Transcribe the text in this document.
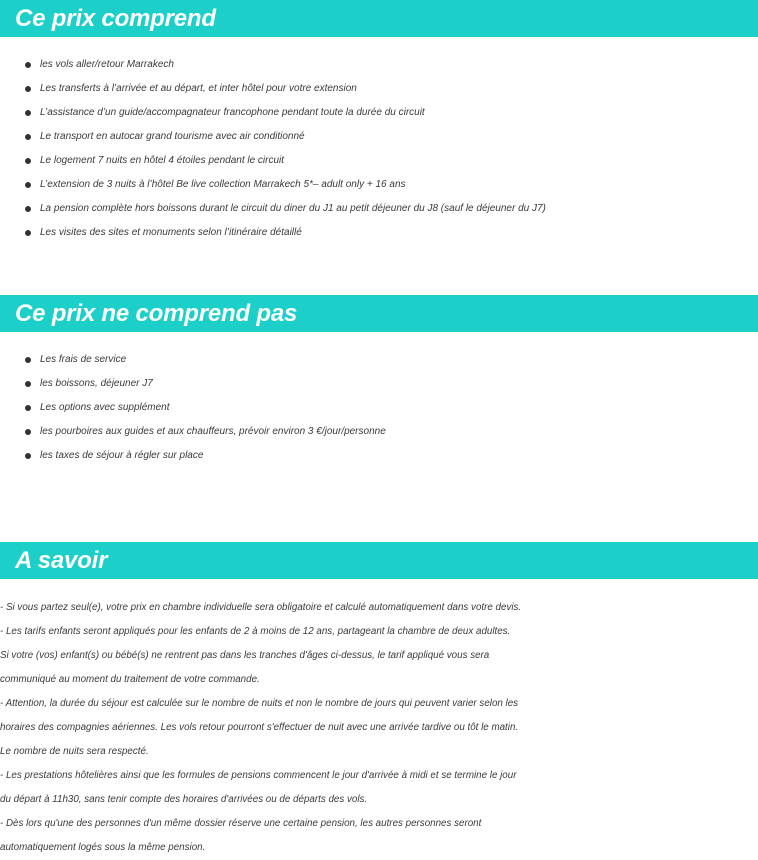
Ce prix comprend
les vols aller/retour Marrakech
Les transferts à l’arrivée et au départ, et inter hôtel pour votre extension
L’assistance d’un guide/accompagnateur francophone pendant toute la durée du circuit
Le transport en autocar grand tourisme avec air conditionné
Le logement 7 nuits en hôtel 4 étoiles pendant le circuit
L’extension de 3 nuits à l’hôtel Be live collection Marrakech 5*– adult only + 16 ans
La pension complète hors boissons durant le circuit du diner du J1 au petit déjeuner du J8 (sauf le déjeuner du J7)
Les visites des sites et monuments selon l’itinéraire détaillé
Ce prix ne comprend pas
Les frais de service
les boissons, déjeuner J7
Les options avec supplément
les pourboires aux guides et aux chauffeurs, prévoir environ 3 €/jour/personne
les taxes de séjour à régler sur place
A savoir

- Si vous partez seul(e), votre prix en chambre individuelle sera obligatoire et calculé automatiquement dans votre devis.

- Les tarifs enfants seront appliqués pour les enfants de 2 à moins de 12 ans, partageant la chambre de deux adultes.

Si votre (vos) enfant(s) ou bébé(s) ne rentrent pas dans les tranches d'âges ci-dessus, le tarif appliqué vous sera

communiqué au moment du traitement de votre commande.

- Attention, la durée du séjour est calculée sur le nombre de nuits et non le nombre de jours qui peuvent varier selon les

horaires des compagnies aériennes. Les vols retour pourront s'effectuer de nuit avec une arrivée tardive ou tôt le matin.

Le nombre de nuits sera respecté.

- Les prestations hôtelières ainsi que les formules de pensions commencent le jour d'arrivée à midi et se termine le jour

du départ à 11h30, sans tenir compte des horaires d'arrivées ou de départs des vols.

- Dès lors qu'une des personnes d'un même dossier réserve une certaine pension, les autres personnes seront

automatiquement logés sous la même pension.
